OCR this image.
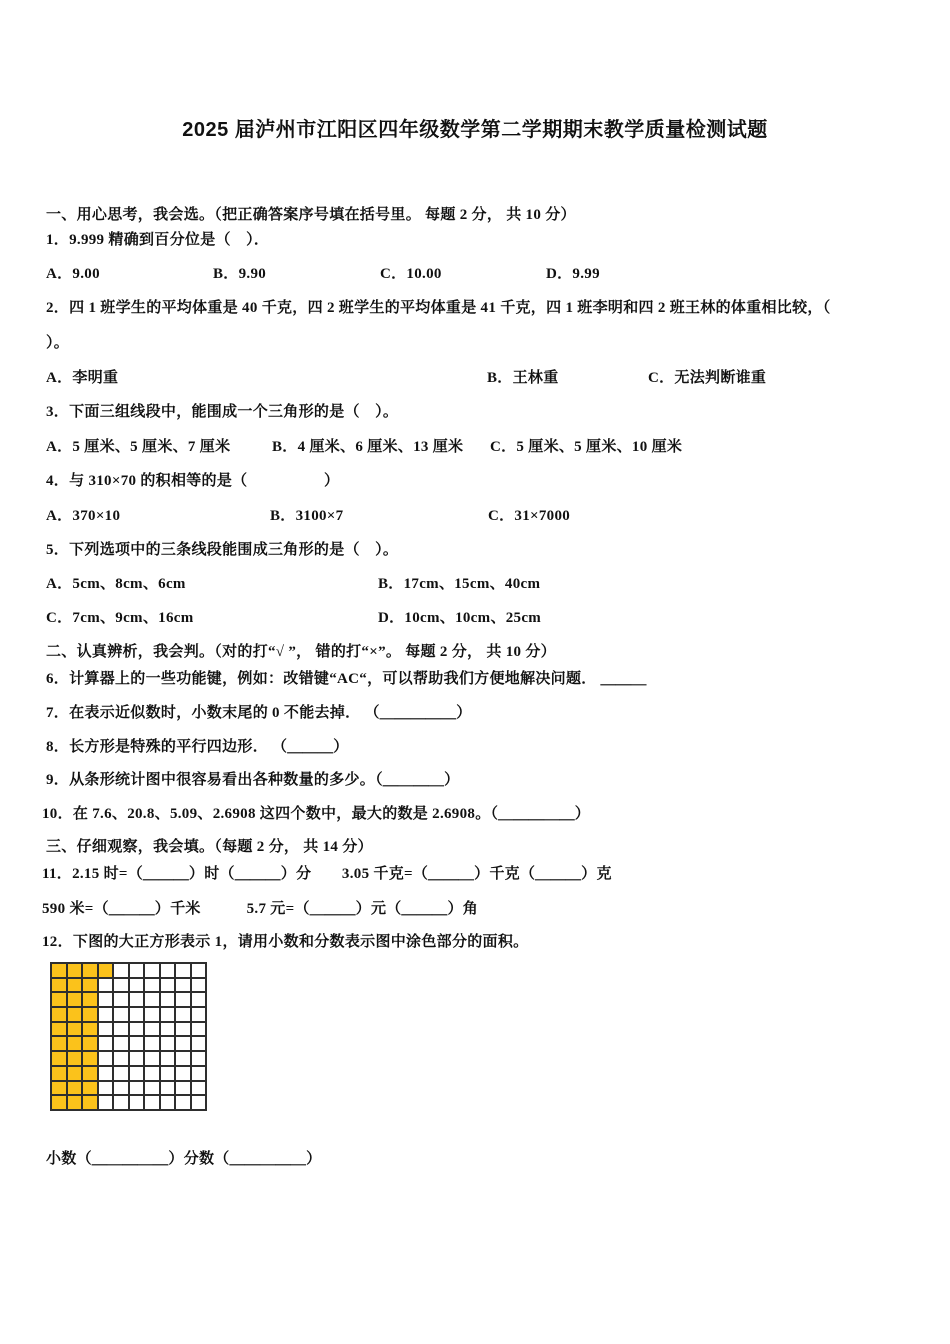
2025 届泸州市江阳区四年级数学第二学期期末教学质量检测试题
一、用心思考，我会选。（把正确答案序号填在括号里。 每题 2 分， 共 10 分）
1．9.999 精确到百分位是（　）．
A．9.00	B．9.90	C．10.00	D．9.99
2．四 1 班学生的平均体重是 40 千克，四 2 班学生的平均体重是 41 千克，四 1 班李明和四 2 班王林的体重相比较，（
）。
A．李明重	B．王林重	C．无法判断谁重
3．下面三组线段中，能围成一个三角形的是（　）。
A．5 厘米、5 厘米、7 厘米	B．4 厘米、6 厘米、13 厘米 C．5 厘米、5 厘米、10 厘米
4．与 310×70 的积相等的是（　　　　　）
A．370×10	B．3100×7	C．31×7000
5．下列选项中的三条线段能围成三角形的是（　）。
A．5cm、8cm、6cm	B．17cm、15cm、40cm
C．7cm、9cm、16cm	D．10cm、10cm、25cm
二、认真辨析，我会判。（对的打“√ ”， 错的打“×”。 每题 2 分， 共 10 分）
6．计算器上的一些功能键，例如：改错键“AC“，可以帮助我们方便地解决问题． ＿＿＿
7．在表示近似数时，小数末尾的 0 不能去掉． （＿＿＿＿＿）
8．长方形是特殊的平行四边形． （＿＿＿）
9．从条形统计图中很容易看出各种数量的多少。（＿＿＿＿）
10．在 7.6、20.8、5.09、2.6908 这四个数中，最大的数是 2.6908。（＿＿＿＿＿）
三、仔细观察，我会填。（每题 2 分， 共 14 分）
11．2.15 时=（＿＿＿）时（＿＿＿）分　　3.05 千克=（＿＿＿）千克（＿＿＿）克
590 米=（＿＿＿）千米　　　5.7 元=（＿＿＿）元（＿＿＿）角
12．下图的大正方形表示 1，请用小数和分数表示图中涂色部分的面积。
小数（＿＿＿＿＿）分数（＿＿＿＿＿）
